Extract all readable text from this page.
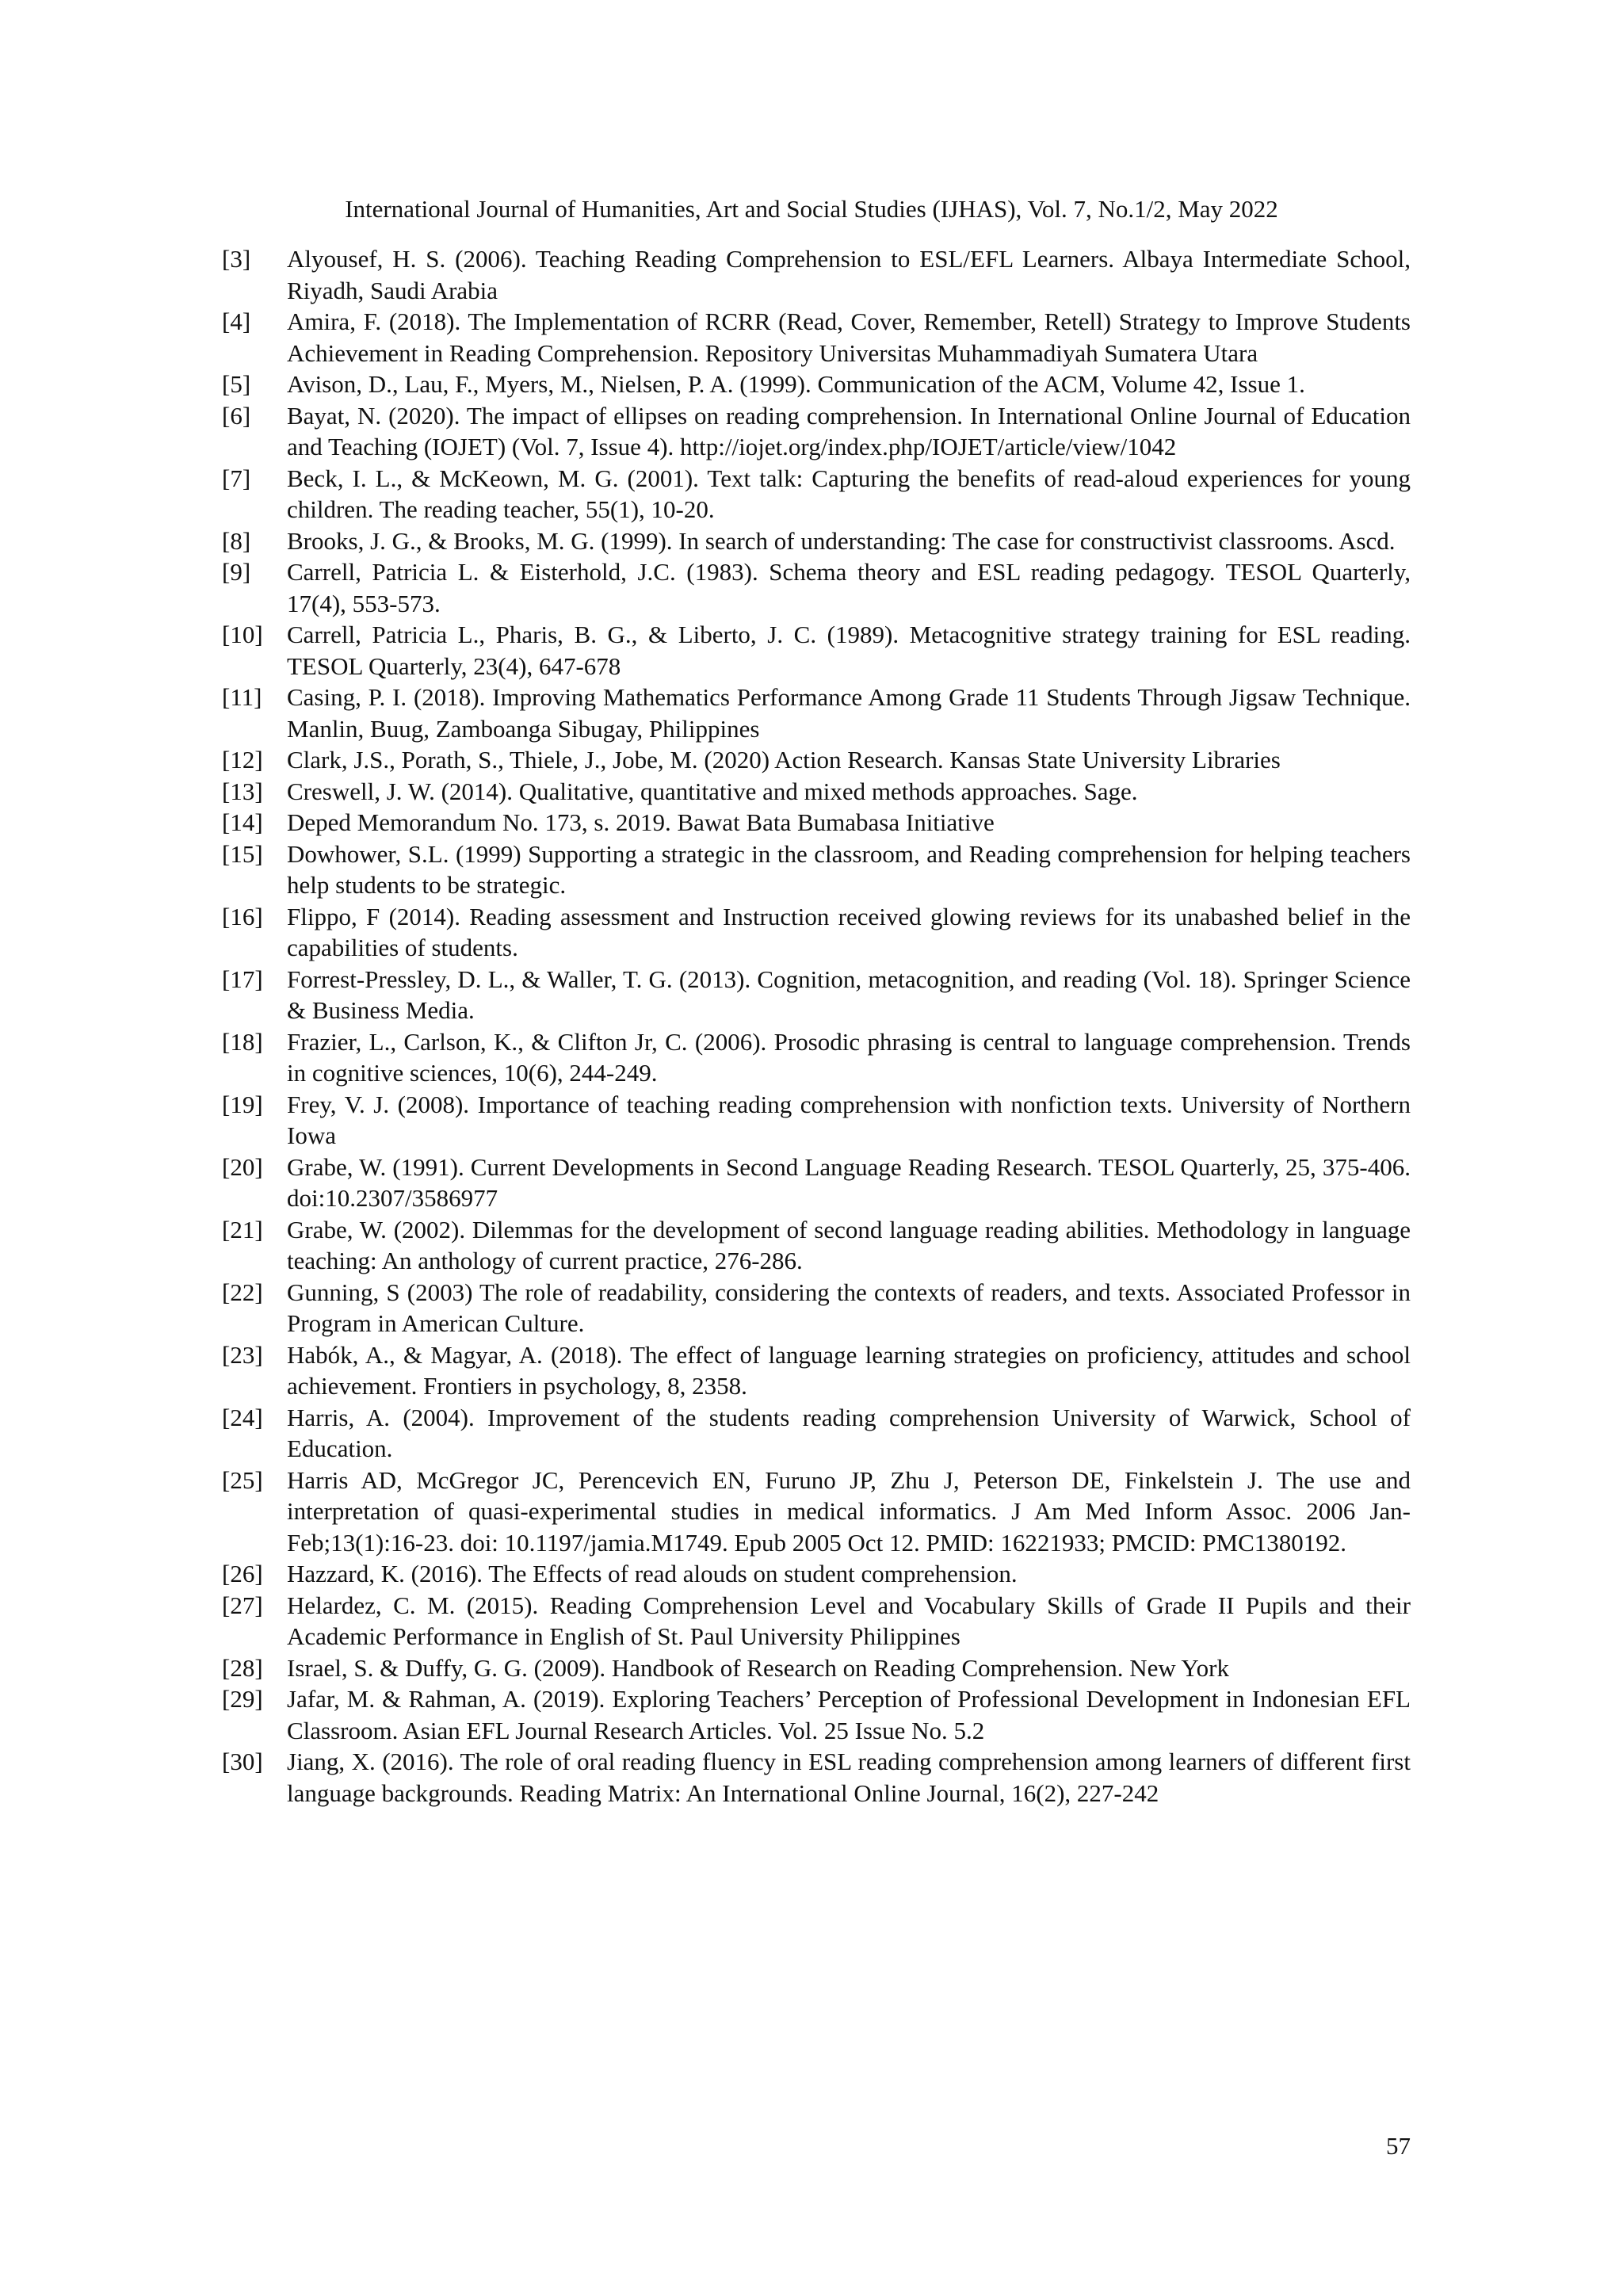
International Journal of Humanities, Art and Social Studies (IJHAS), Vol. 7, No.1/2, May 2022
[3]	Alyousef, H. S. (2006). Teaching Reading Comprehension to ESL/EFL Learners. Albaya Intermediate School, Riyadh, Saudi Arabia
[4]	Amira, F. (2018). The Implementation of RCRR (Read, Cover, Remember, Retell) Strategy to Improve Students Achievement in Reading Comprehension. Repository Universitas Muhammadiyah Sumatera Utara
[5]	Avison, D., Lau, F., Myers, M., Nielsen, P. A. (1999). Communication of the ACM, Volume 42, Issue 1.
[6]	Bayat, N. (2020). The impact of ellipses on reading comprehension. In International Online Journal of Education and Teaching (IOJET) (Vol. 7, Issue 4). http://iojet.org/index.php/IOJET/article/view/1042
[7]	Beck, I. L., & McKeown, M. G. (2001). Text talk: Capturing the benefits of read-aloud experiences for young children. The reading teacher, 55(1), 10-20.
[8]	Brooks, J. G., & Brooks, M. G. (1999). In search of understanding: The case for constructivist classrooms. Ascd.
[9]	Carrell, Patricia L. & Eisterhold, J.C. (1983). Schema theory and ESL reading pedagogy. TESOL Quarterly, 17(4), 553-573.
[10] Carrell, Patricia L., Pharis, B. G., & Liberto, J. C. (1989). Metacognitive strategy training for ESL reading. TESOL Quarterly, 23(4), 647-678
[11]	Casing, P. I. (2018). Improving Mathematics Performance Among Grade 11 Students Through Jigsaw Technique. Manlin, Buug, Zamboanga Sibugay, Philippines
[12] Clark, J.S., Porath, S., Thiele, J., Jobe, M. (2020) Action Research. Kansas State University Libraries
[13] Creswell, J. W. (2014). Qualitative, quantitative and mixed methods approaches. Sage.
[14] Deped Memorandum No. 173, s. 2019. Bawat Bata Bumabasa Initiative
[15] Dowhower, S.L. (1999) Supporting a strategic in the classroom, and Reading comprehension for helping teachers help students to be strategic.
[16] Flippo, F (2014). Reading assessment and Instruction received glowing reviews for its unabashed belief in the capabilities of students.
[17] Forrest-Pressley, D. L., & Waller, T. G. (2013). Cognition, metacognition, and reading (Vol. 18). Springer Science & Business Media.
[18] Frazier, L., Carlson, K., & Clifton Jr, C. (2006). Prosodic phrasing is central to language comprehension. Trends in cognitive sciences, 10(6), 244-249.
[19] Frey, V. J. (2008). Importance of teaching reading comprehension with nonfiction texts. University of Northern Iowa
[20] Grabe, W. (1991). Current Developments in Second Language Reading Research. TESOL Quarterly, 25, 375-406. doi:10.2307/3586977
[21] Grabe, W. (2002). Dilemmas for the development of second language reading abilities. Methodology in language teaching: An anthology of current practice, 276-286.
[22] Gunning, S (2003) The role of readability, considering the contexts of readers, and texts. Associated Professor in Program in American Culture.
[23] Habók, A., & Magyar, A. (2018). The effect of language learning strategies on proficiency, attitudes and school achievement. Frontiers in psychology, 8, 2358.
[24] Harris, A. (2004). Improvement of the students reading comprehension University of Warwick, School of Education.
[25] Harris AD, McGregor JC, Perencevich EN, Furuno JP, Zhu J, Peterson DE, Finkelstein J. The use and interpretation of quasi-experimental studies in medical informatics. J Am Med Inform Assoc. 2006 Jan-Feb;13(1):16-23. doi: 10.1197/jamia.M1749. Epub 2005 Oct 12. PMID: 16221933; PMCID: PMC1380192.
[26] Hazzard, K. (2016). The Effects of read alouds on student comprehension.
[27] Helardez, C. M. (2015). Reading Comprehension Level and Vocabulary Skills of Grade II Pupils and their Academic Performance in English of St. Paul University Philippines
[28] Israel, S. & Duffy, G. G. (2009). Handbook of Research on Reading Comprehension. New York
[29] Jafar, M. & Rahman, A. (2019). Exploring Teachers’ Perception of Professional Development in Indonesian EFL Classroom. Asian EFL Journal Research Articles. Vol. 25 Issue No. 5.2
[30] Jiang, X. (2016). The role of oral reading fluency in ESL reading comprehension among learners of different first language backgrounds. Reading Matrix: An International Online Journal, 16(2), 227-242
57
